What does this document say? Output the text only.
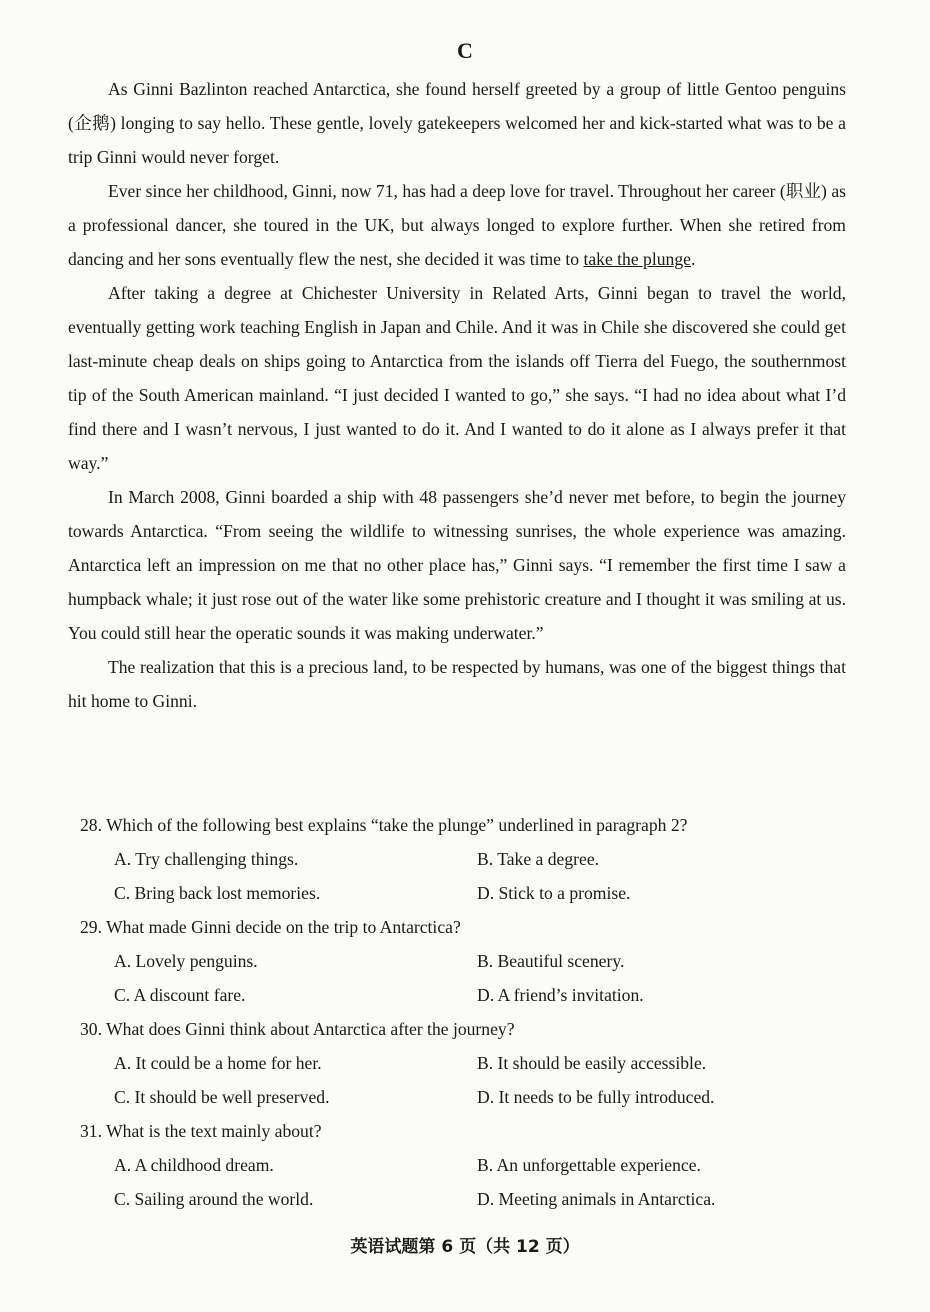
C

As Ginni Bazlinton reached Antarctica, she found herself greeted by a group of little Gentoo penguins (企鹅) longing to say hello. These gentle, lovely gatekeepers welcomed her and kick-started what was to be a trip Ginni would never forget.

Ever since her childhood, Ginni, now 71, has had a deep love for travel. Throughout her career (职业) as a professional dancer, she toured in the UK, but always longed to explore further. When she retired from dancing and her sons eventually flew the nest, she decided it was time to take the plunge.

After taking a degree at Chichester University in Related Arts, Ginni began to travel the world, eventually getting work teaching English in Japan and Chile. And it was in Chile she discovered she could get last-minute cheap deals on ships going to Antarctica from the islands off Tierra del Fuego, the southernmost tip of the South American mainland. “I just decided I wanted to go,” she says. “I had no idea about what I’d find there and I wasn’t nervous, I just wanted to do it. And I wanted to do it alone as I always prefer it that way.”

In March 2008, Ginni boarded a ship with 48 passengers she’d never met before, to begin the journey towards Antarctica. “From seeing the wildlife to witnessing sunrises, the whole experience was amazing. Antarctica left an impression on me that no other place has,” Ginni says. “I remember the first time I saw a humpback whale; it just rose out of the water like some prehistoric creature and I thought it was smiling at us. You could still hear the operatic sounds it was making underwater.”

The realization that this is a precious land, to be respected by humans, was one of the biggest things that hit home to Ginni.

28. Which of the following best explains “take the plunge” underlined in paragraph 2?
A. Try challenging things.	B. Take a degree.
C. Bring back lost memories.	D. Stick to a promise.
29. What made Ginni decide on the trip to Antarctica?
A. Lovely penguins.	B. Beautiful scenery.
C. A discount fare.	D. A friend’s invitation.
30. What does Ginni think about Antarctica after the journey?
A. It could be a home for her.	B. It should be easily accessible.
C. It should be well preserved.	D. It needs to be fully introduced.
31. What is the text mainly about?
A. A childhood dream.	B. An unforgettable experience.
C. Sailing around the world.	D. Meeting animals in Antarctica.
英语试题第 6 页（共 12 页）
